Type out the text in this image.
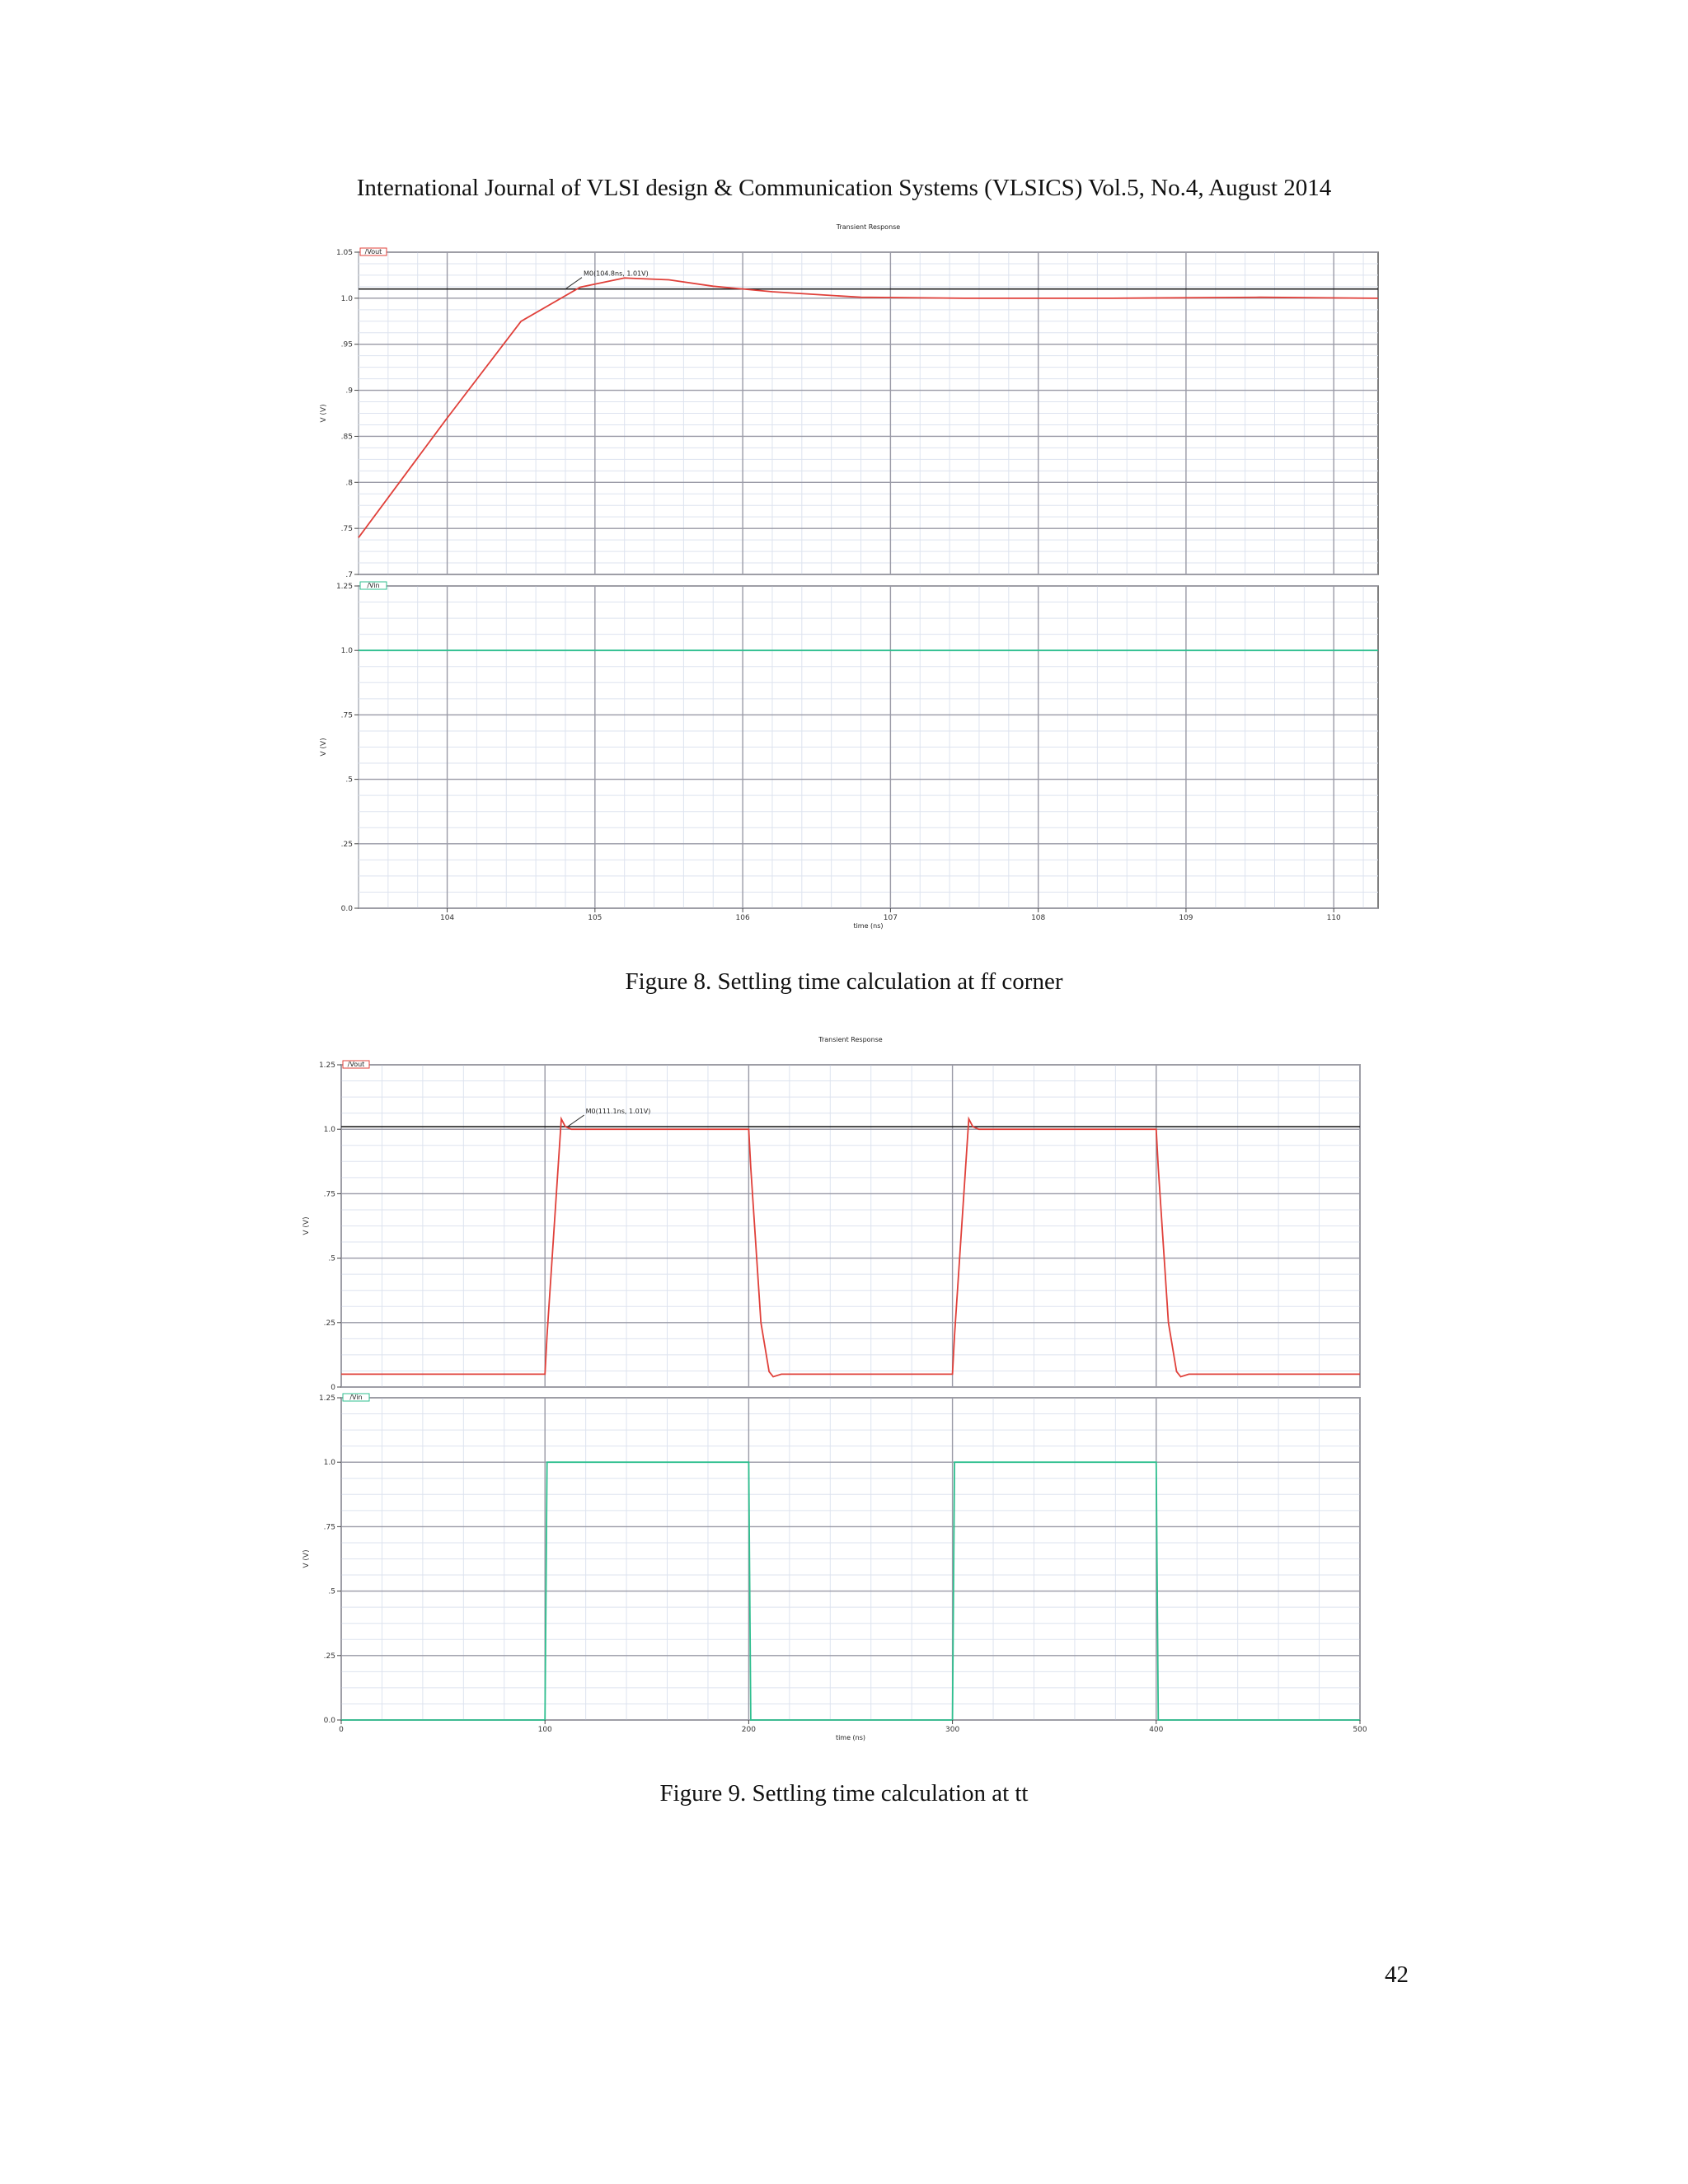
International Journal of VLSI design & Communication Systems (VLSICS) Vol.5, No.4, August 2014
Transient Response
1.05
1.0
.95
.9
.85
.8
.75
.7
V (V)
/Vout
M0(104.8ns, 1.01V)
1.25
1.0
.75
.5
.25
0.0
V (V)
/Vin
104	105	106	107	108	109	110
time (ns)
Transient Response
1.25
1.0
.75
.5
.25
0
V (V)
/Vout
M0(111.1ns, 1.01V)
1.25
1.0
.75
.5
.25
0.0
V (V)
/Vin
0	100	200	300	400	500
time (ns)
Figure 8. Settling time calculation at ff corner
Figure 9. Settling time calculation at tt
42
